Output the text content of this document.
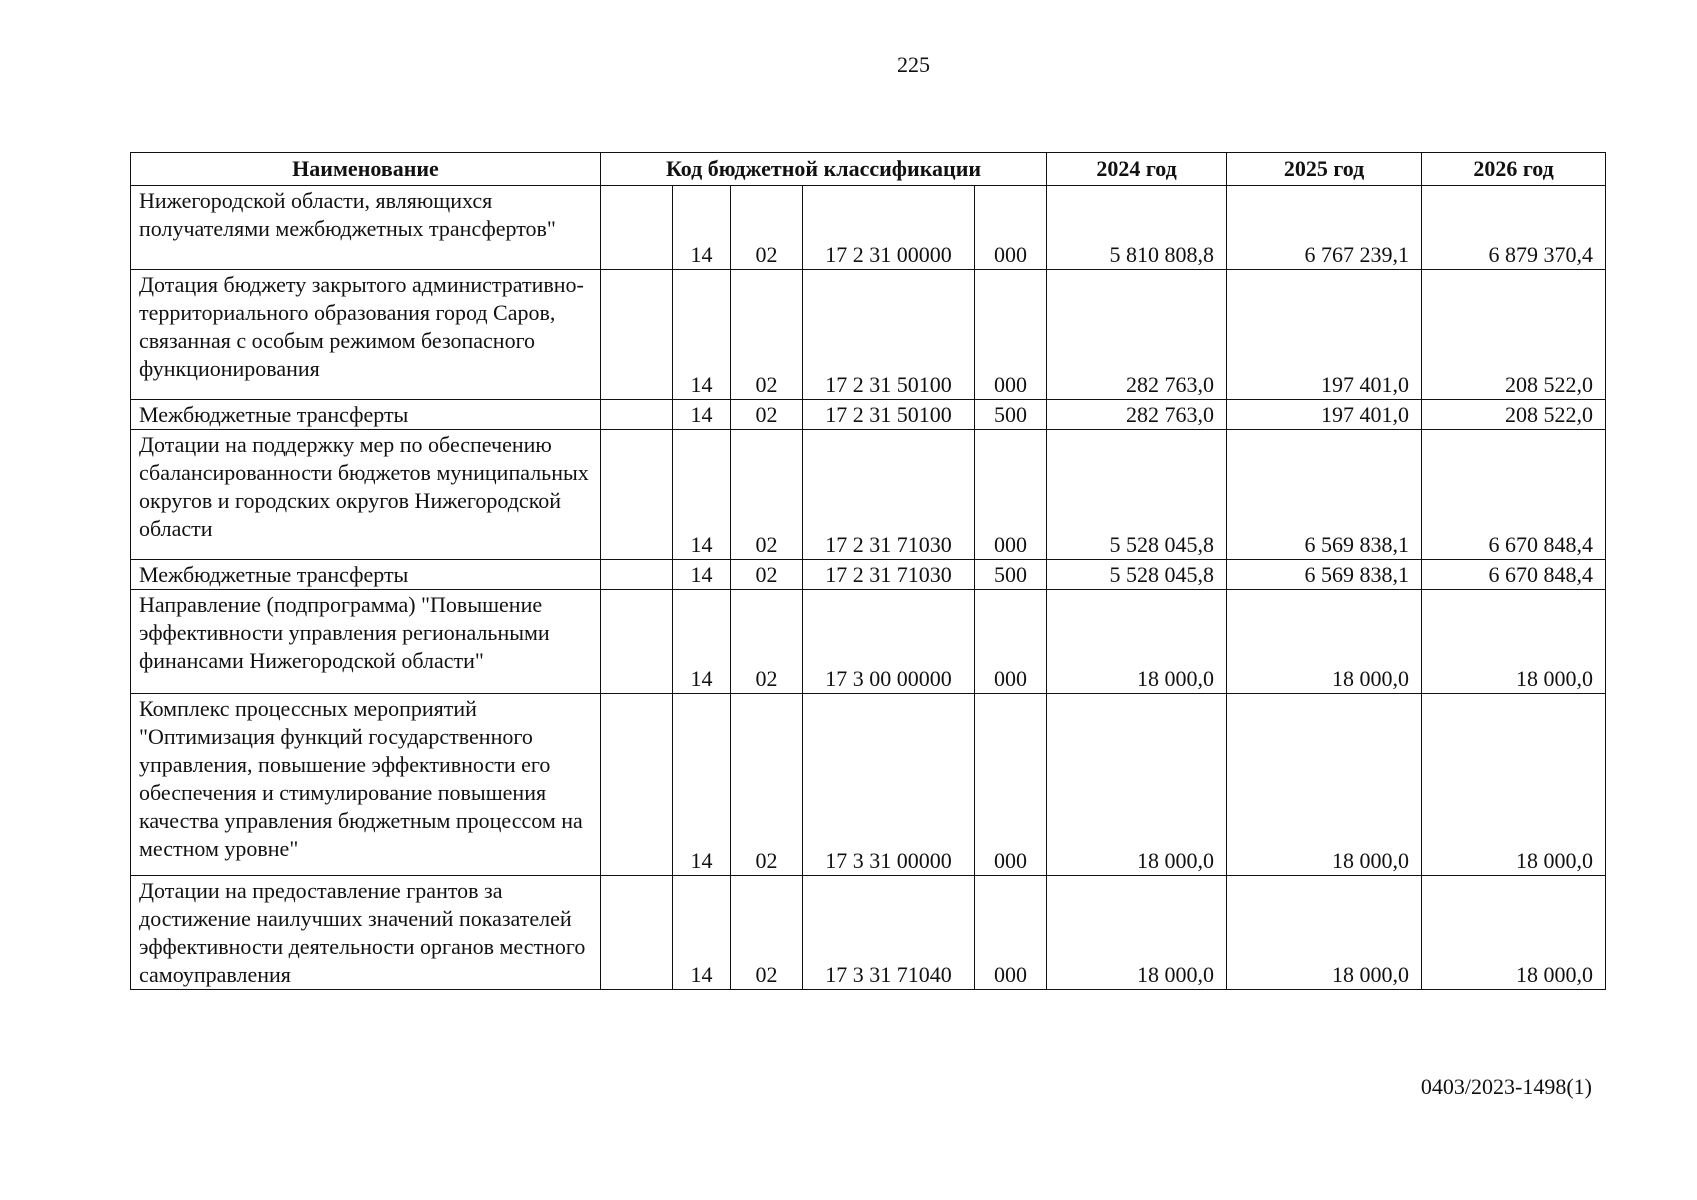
225
Наименование	Код бюджетной классификации					2024 год	2025 год	2026 год
Нижегородской области, являющихся получателями межбюджетных трансфертов"		14	02	17 2 31 00000	000	5 810 808,8	6 767 239,1	6 879 370,4
Дотация бюджету закрытого административно-территориального образования город Саров, связанная с особым режимом безопасного функционирования		14	02	17 2 31 50100	000	282 763,0	197 401,0	208 522,0
Межбюджетные трансферты		14	02	17 2 31 50100	500	282 763,0	197 401,0	208 522,0
Дотации на поддержку мер по обеспечению сбалансированности бюджетов муниципальных округов и городских округов Нижегородской области		14	02	17 2 31 71030	000	5 528 045,8	6 569 838,1	6 670 848,4
Межбюджетные трансферты		14	02	17 2 31 71030	500	5 528 045,8	6 569 838,1	6 670 848,4
Направление (подпрограмма) "Повышение эффективности управления региональными финансами Нижегородской области"		14	02	17 3 00 00000	000	18 000,0	18 000,0	18 000,0
Комплекс процессных мероприятий "Оптимизация функций государственного управления, повышение эффективности его обеспечения и стимулирование повышения качества управления бюджетным процессом на местном уровне"		14	02	17 3 31 00000	000	18 000,0	18 000,0	18 000,0
Дотации на предоставление грантов за достижение наилучших значений показателей эффективности деятельности органов местного самоуправления		14	02	17 3 31 71040	000	18 000,0	18 000,0	18 000,0
0403/2023-1498(1)
